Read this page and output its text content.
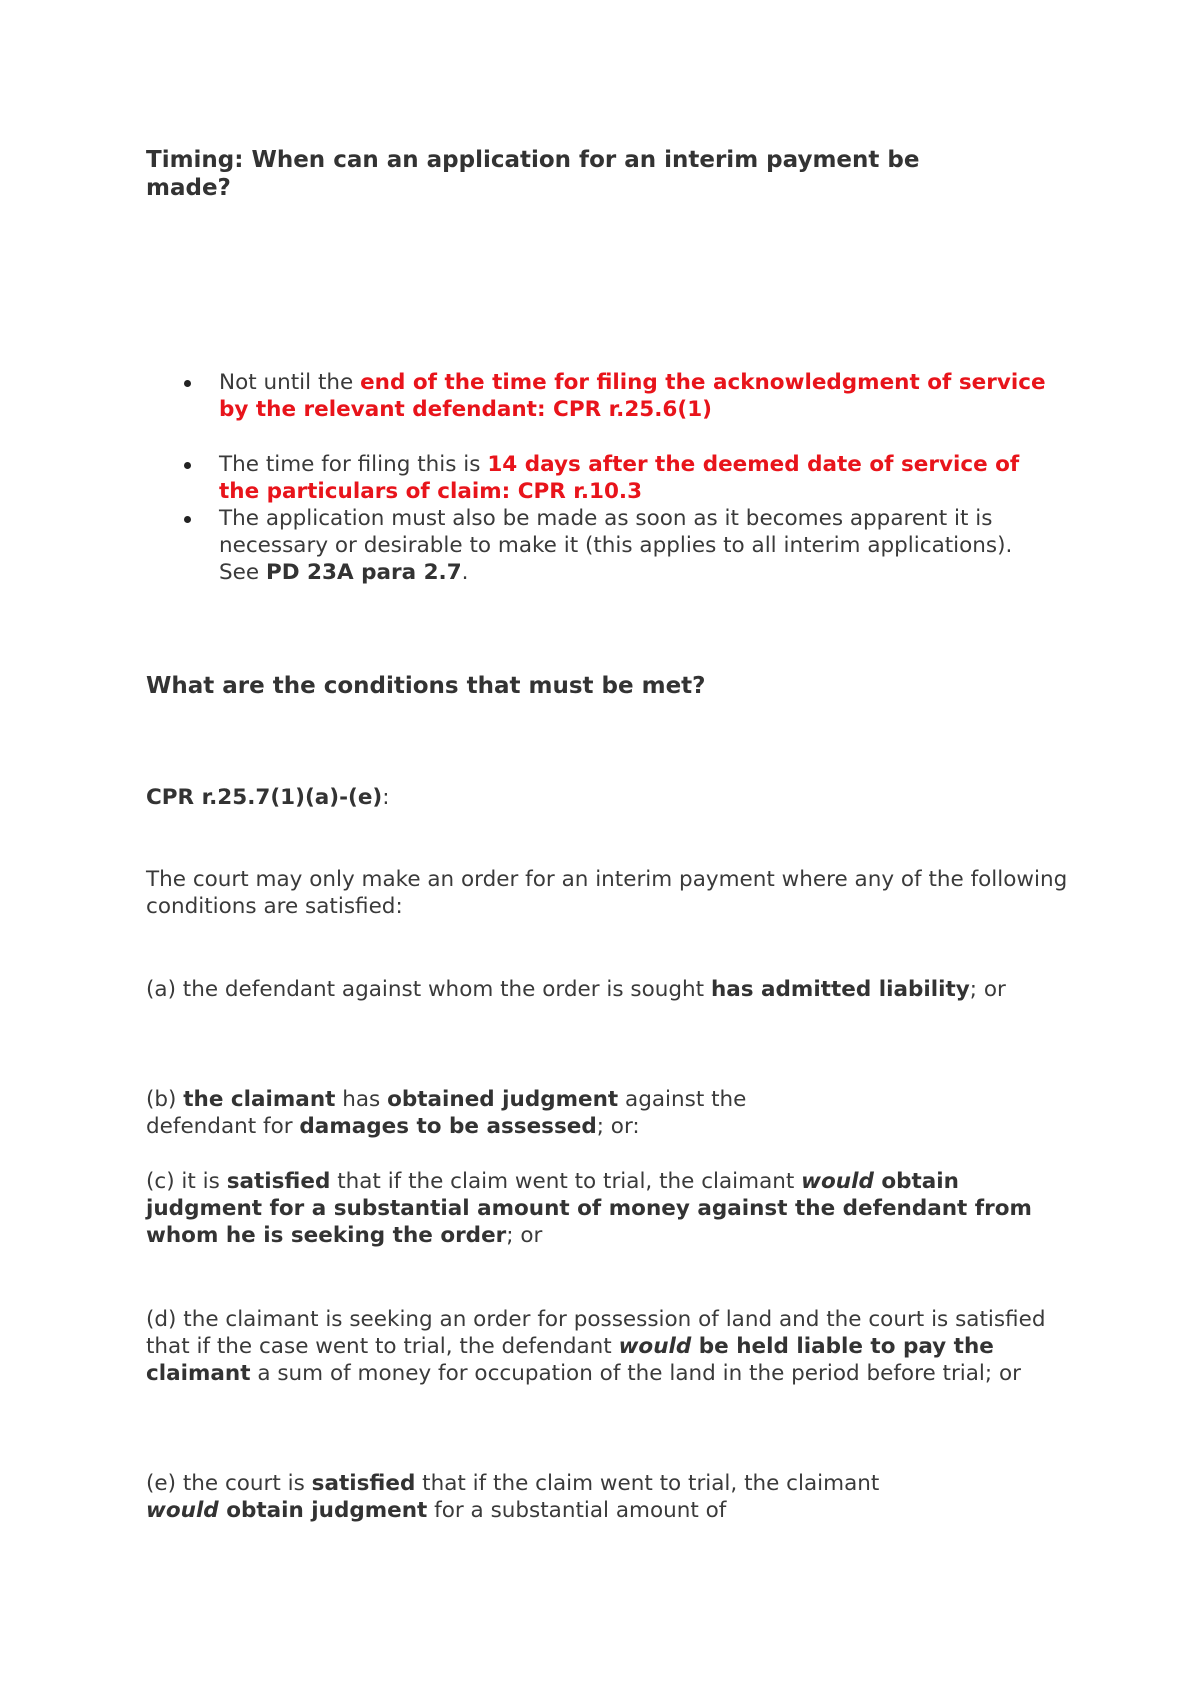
Timing: When can an application for an interim payment be
made?
Not until the end of the time for filing the acknowledgment of service by the relevant defendant: CPR r.25.6(1)
The time for filing this is 14 days after the deemed date of service of the particulars of claim: CPR r.10.3
The application must also be made as soon as it becomes apparent it is necessary or desirable to make it (this applies to all interim applications). See PD 23A para 2.7.
What are the conditions that must be met?
CPR r.25.7(1)(a)-(e):
The court may only make an order for an interim payment where any of the following conditions are satisfied:
(a) the defendant against whom the order is sought has admitted liability; or
(b) the claimant has obtained judgment against the defendant for damages to be assessed; or:
(c) it is satisfied that if the claim went to trial, the claimant would obtain judgment for a substantial amount of money against the defendant from whom he is seeking the order; or
(d) the claimant is seeking an order for possession of land and the court is satisfied that if the case went to trial, the defendant would be held liable to pay the claimant a sum of money for occupation of the land in the period before trial; or
(e) the court is satisfied that if the claim went to trial, the claimant would obtain judgment for a substantial amount of
